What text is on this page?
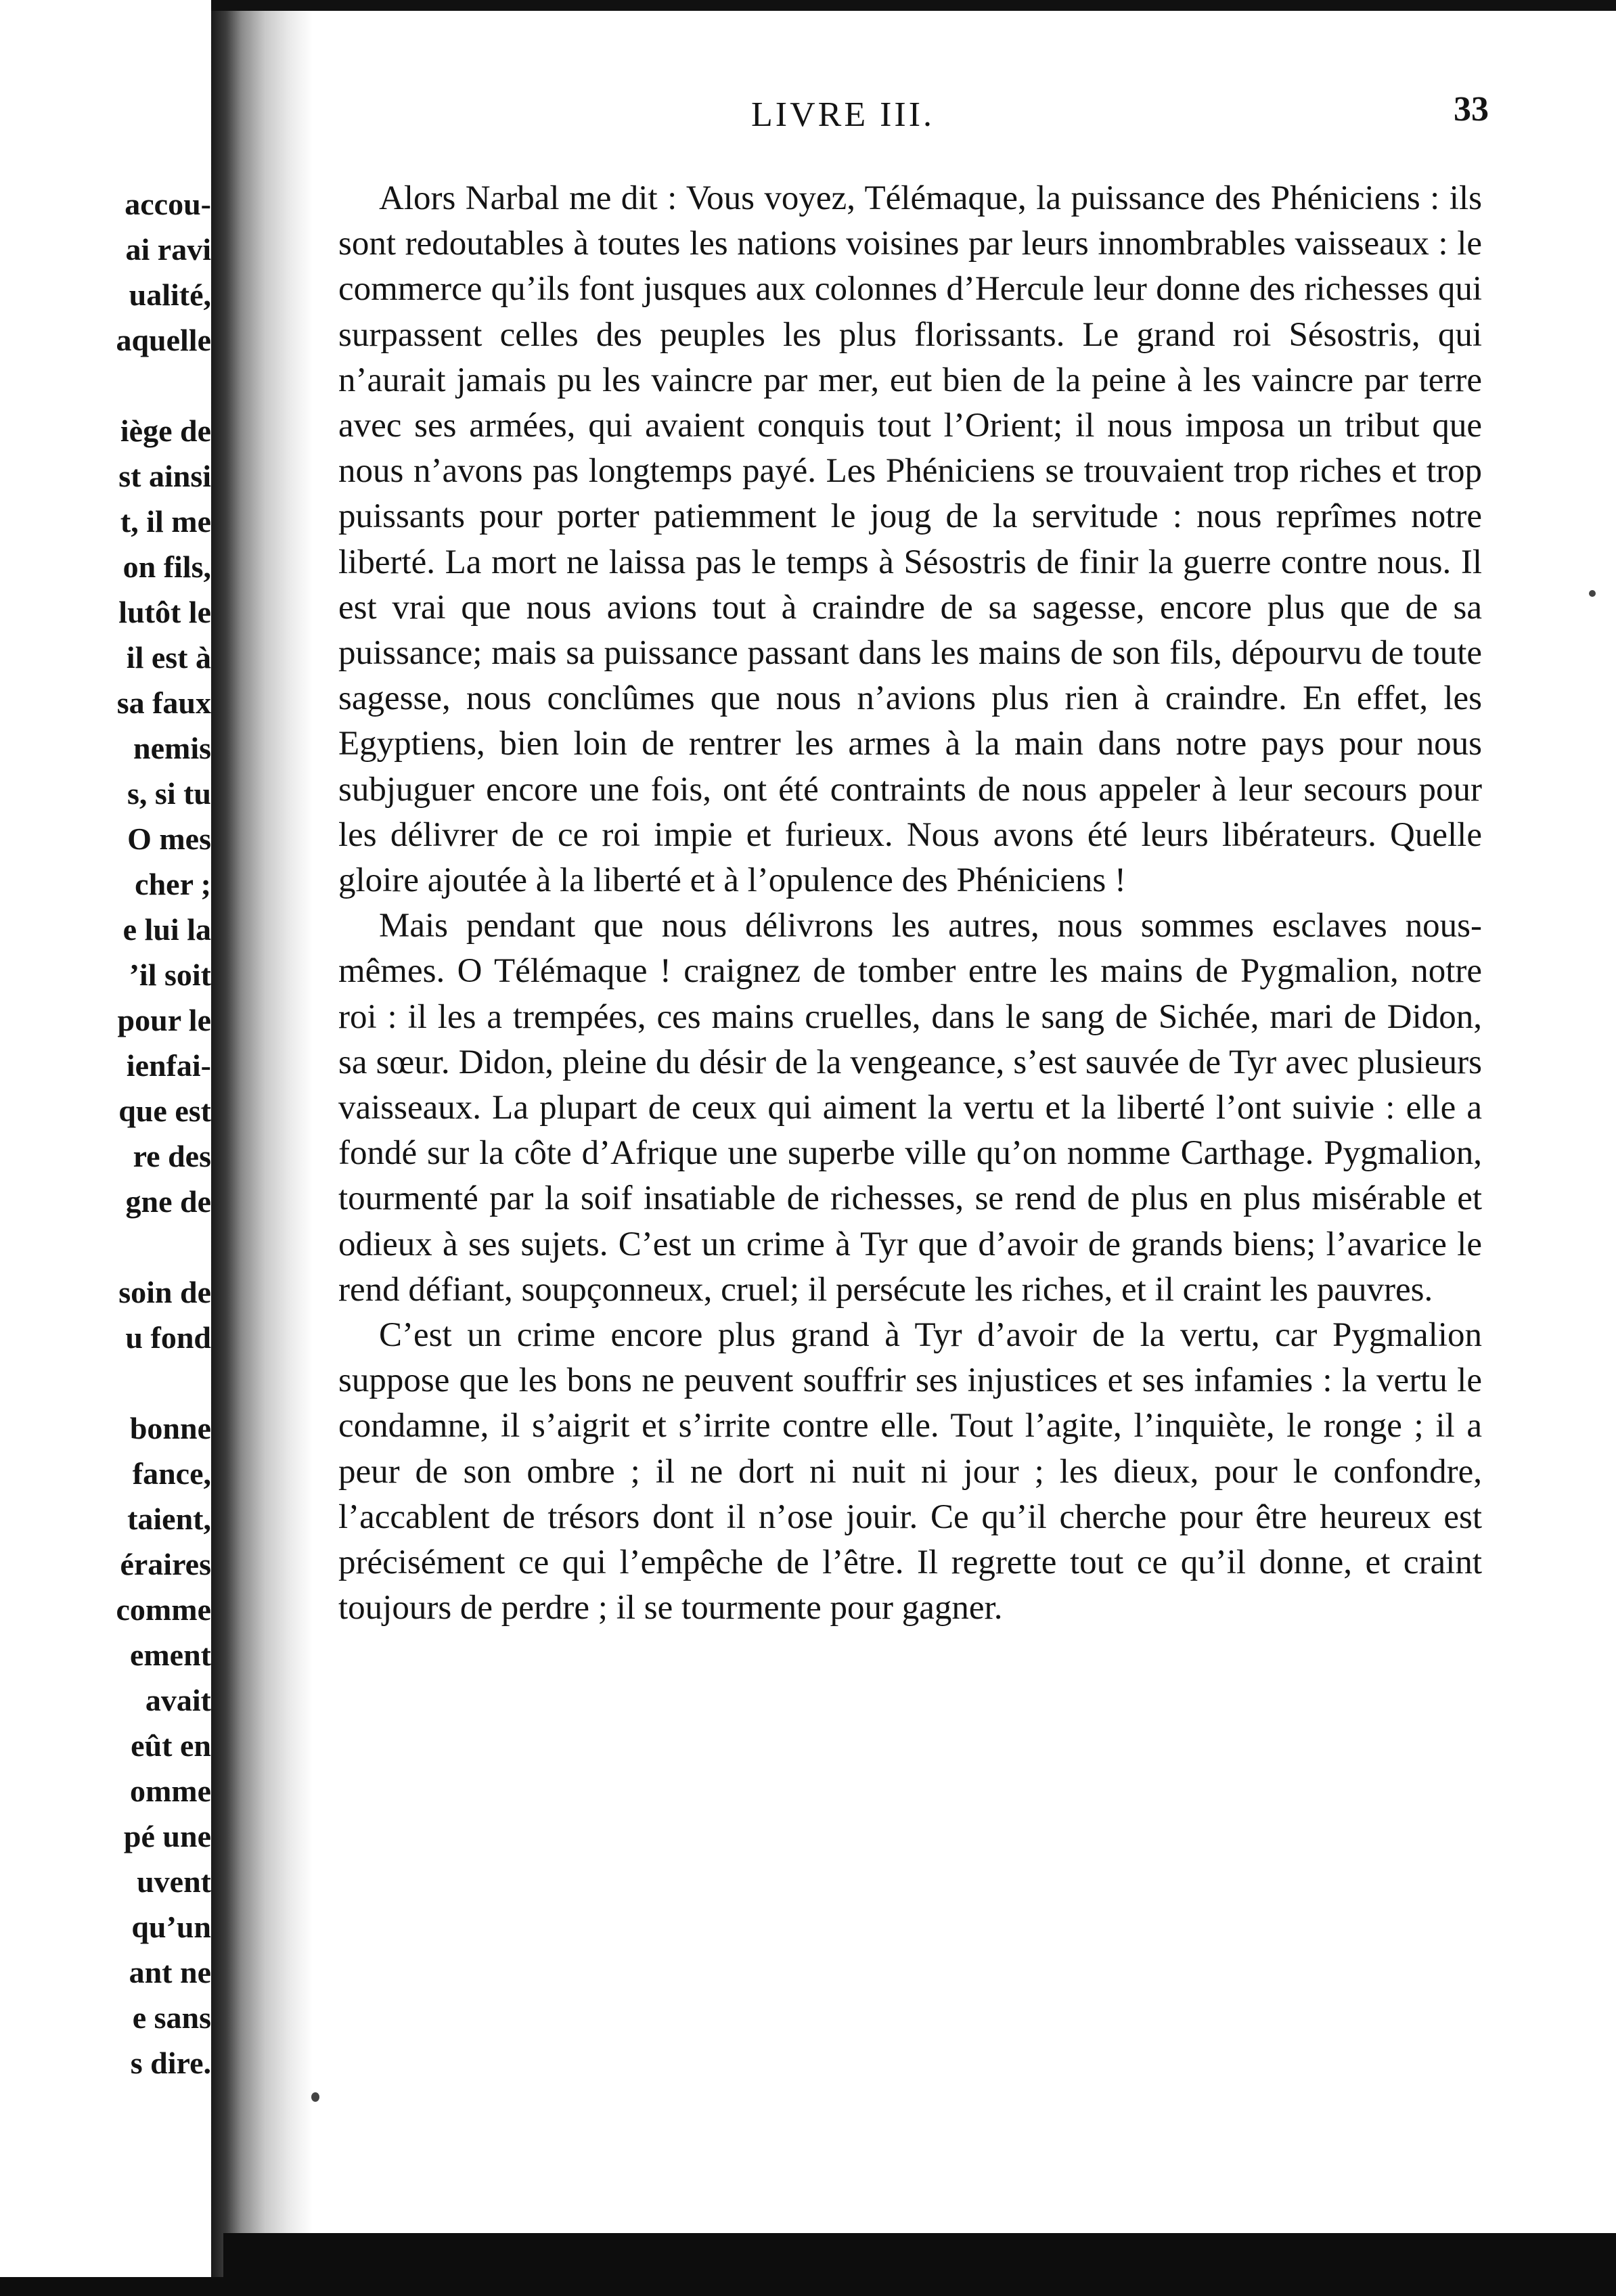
accou-
ai ravi
ualité,
aquelle
iège de
st ainsi
t, il me
on fils,
lutôt le
il est à
sa faux
nemis
s, si tu
O mes
cher ;
e lui la
’il soit
pour le
ienfai-
que est
re des
gne de
soin de
u fond
bonne
fance,
taient,
éraires
comme
ement
avait
eût en
omme
pé une
uvent
qu’un
ant ne
e sans
s dire.
LIVRE III.	33

Alors Narbal me dit : Vous voyez, Télémaque, la puissance des Phéniciens : ils sont redoutables à toutes les nations voisines par leurs innombrables vaisseaux : le commerce qu’ils font jusques aux colonnes d’Hercule leur donne des richesses qui surpassent celles des peuples les plus florissants. Le grand roi Sésostris, qui n’aurait jamais pu les vaincre par mer, eut bien de la peine à les vaincre par terre avec ses armées, qui avaient conquis tout l’Orient; il nous imposa un tribut que nous n’avons pas longtemps payé. Les Phéniciens se trouvaient trop riches et trop puissants pour porter patiemment le joug de la servitude : nous reprîmes notre liberté. La mort ne laissa pas le temps à Sésostris de finir la guerre contre nous. Il est vrai que nous avions tout à craindre de sa sagesse, encore plus que de sa puissance; mais sa puissance passant dans les mains de son fils, dépourvu de toute sagesse, nous conclûmes que nous n’avions plus rien à craindre. En effet, les Egyptiens, bien loin de rentrer les armes à la main dans notre pays pour nous subjuguer encore une fois, ont été contraints de nous appeler à leur secours pour les délivrer de ce roi impie et furieux. Nous avons été leurs libérateurs. Quelle gloire ajoutée à la liberté et à l’opulence des Phéniciens !

Mais pendant que nous délivrons les autres, nous sommes esclaves nous-mêmes. O Télémaque ! craignez de tomber entre les mains de Pygmalion, notre roi : il les a trempées, ces mains cruelles, dans le sang de Sichée, mari de Didon, sa sœur. Didon, pleine du désir de la vengeance, s’est sauvée de Tyr avec plusieurs vaisseaux. La plupart de ceux qui aiment la vertu et la liberté l’ont suivie : elle a fondé sur la côte d’Afrique une superbe ville qu’on nomme Carthage. Pygmalion, tourmenté par la soif insatiable de richesses, se rend de plus en plus misérable et odieux à ses sujets. C’est un crime à Tyr que d’avoir de grands biens; l’avarice le rend défiant, soupçonneux, cruel; il persécute les riches, et il craint les pauvres.

C’est un crime encore plus grand à Tyr d’avoir de la vertu, car Pygmalion suppose que les bons ne peuvent souffrir ses injustices et ses infamies : la vertu le condamne, il s’aigrit et s’irrite contre elle. Tout l’agite, l’inquiète, le ronge ; il a peur de son ombre ; il ne dort ni nuit ni jour ; les dieux, pour le confondre, l’accablent de trésors dont il n’ose jouir. Ce qu’il cherche pour être heureux est précisément ce qui l’empêche de l’être. Il regrette tout ce qu’il donne, et craint toujours de perdre ; il se tourmente pour gagner.
